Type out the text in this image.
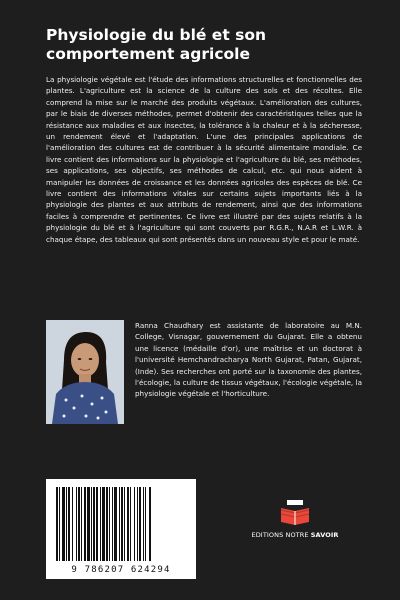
Physiologie du blé et son comportement agricole

La physiologie végétale est l'étude des informations structurelles et fonctionnelles des plantes. L'agriculture est la science de la culture des sols et des récoltes. Elle comprend la mise sur le marché des produits végétaux. L'amélioration des cultures, par le biais de diverses méthodes, permet d'obtenir des caractéristiques telles que la résistance aux maladies et aux insectes, la tolérance à la chaleur et à la sécheresse, un rendement élevé et l'adaptation. L'une des principales applications de l'amélioration des cultures est de contribuer à la sécurité alimentaire mondiale. Ce livre contient des informations sur la physiologie et l'agriculture du blé, ses méthodes, ses applications, ses objectifs, ses méthodes de calcul, etc. qui nous aident à manipuler les données de croissance et les données agricoles des espèces de blé. Ce livre contient des informations vitales sur certains sujets importants liés à la physiologie des plantes et aux attributs de rendement, ainsi que des informations faciles à comprendre et pertinentes. Ce livre est illustré par des sujets relatifs à la physiologie du blé et à l'agriculture qui sont couverts par R.G.R., N.A.R et L.W.R. à chaque étape, des tableaux qui sont présentés dans un nouveau style et pour le maté.

Ranna Chaudhary est assistante de laboratoire au M.N. College, Visnagar, gouvernement du Gujarat. Elle a obtenu une licence (médaille d'or), une maîtrise et un doctorat à l'université Hemchandracharya North Gujarat, Patan, Gujarat, (Inde). Ses recherches ont porté sur la taxonomie des plantes, l'écologie, la culture de tissus végétaux, l'écologie végétale, la physiologie végétale et l'horticulture.

9 786207 624294
EDITIONS NOTRE SAVOIR
